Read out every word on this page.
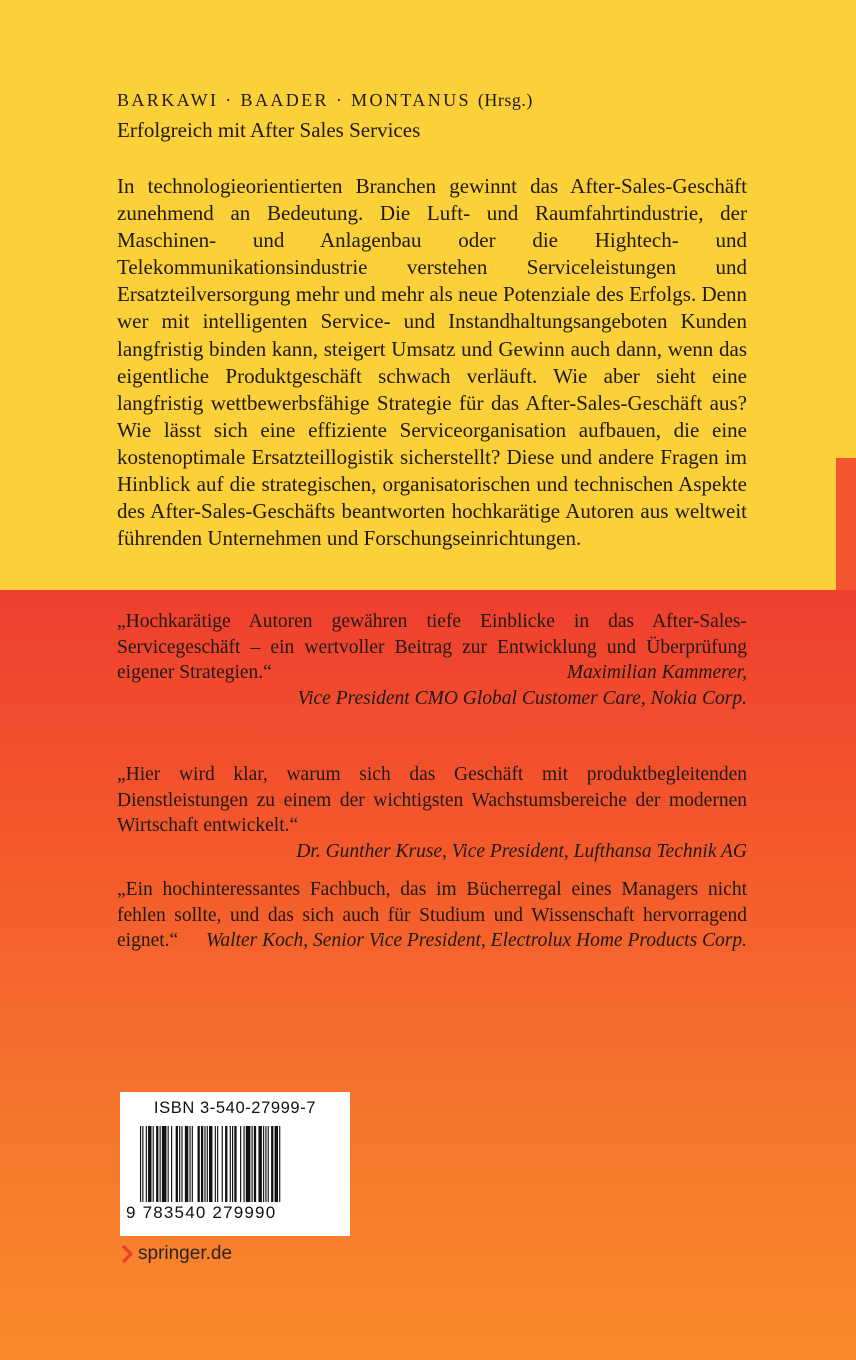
BARKAWI · BAADER · MONTANUS (Hrsg.)

Erfolgreich mit After Sales Services

In technologieorientierten Branchen gewinnt das After-Sales-Geschäft zunehmend an Bedeutung. Die Luft- und Raumfahrtindustrie, der Maschinen- und Anlagenbau oder die Hightech- und Telekommunikationsindustrie verstehen Serviceleistungen und Ersatzteilversorgung mehr und mehr als neue Potenziale des Erfolgs. Denn wer mit intelligenten Service- und Instandhaltungsangeboten Kunden langfristig binden kann, steigert Umsatz und Gewinn auch dann, wenn das eigentliche Produktgeschäft schwach verläuft. Wie aber sieht eine langfristig wettbewerbsfähige Strategie für das After-Sales-Geschäft aus? Wie lässt sich eine effiziente Serviceorganisation aufbauen, die eine kostenoptimale Ersatzteillogistik sicherstellt? Diese und andere Fragen im Hinblick auf die strategischen, organisatorischen und technischen Aspekte des After-Sales-Geschäfts beantworten hochkarätige Autoren aus weltweit führenden Unternehmen und Forschungseinrichtungen.

„Hochkarätige Autoren gewähren tiefe Einblicke in das After-Sales-Servicegeschäft – ein wertvoller Beitrag zur Entwicklung und Überprüfung eigener Strategien.“	Maximilian Kammerer,

Vice President CMO Global Customer Care, Nokia Corp.

„Hier wird klar, warum sich das Geschäft mit produktbegleitenden Dienstleistungen zu einem der wichtigsten Wachstumsbereiche der modernen Wirtschaft entwickelt.“

Dr. Gunther Kruse, Vice President, Lufthansa Technik AG

„Ein hochinteressantes Fachbuch, das im Bücherregal eines Managers nicht fehlen sollte, und das sich auch für Studium und Wissenschaft hervorragend eignet.“	Walter Koch, Senior Vice President, Electrolux Home Products Corp.

ISBN 3-540-27999-7
9 783540 279990
springer.de
